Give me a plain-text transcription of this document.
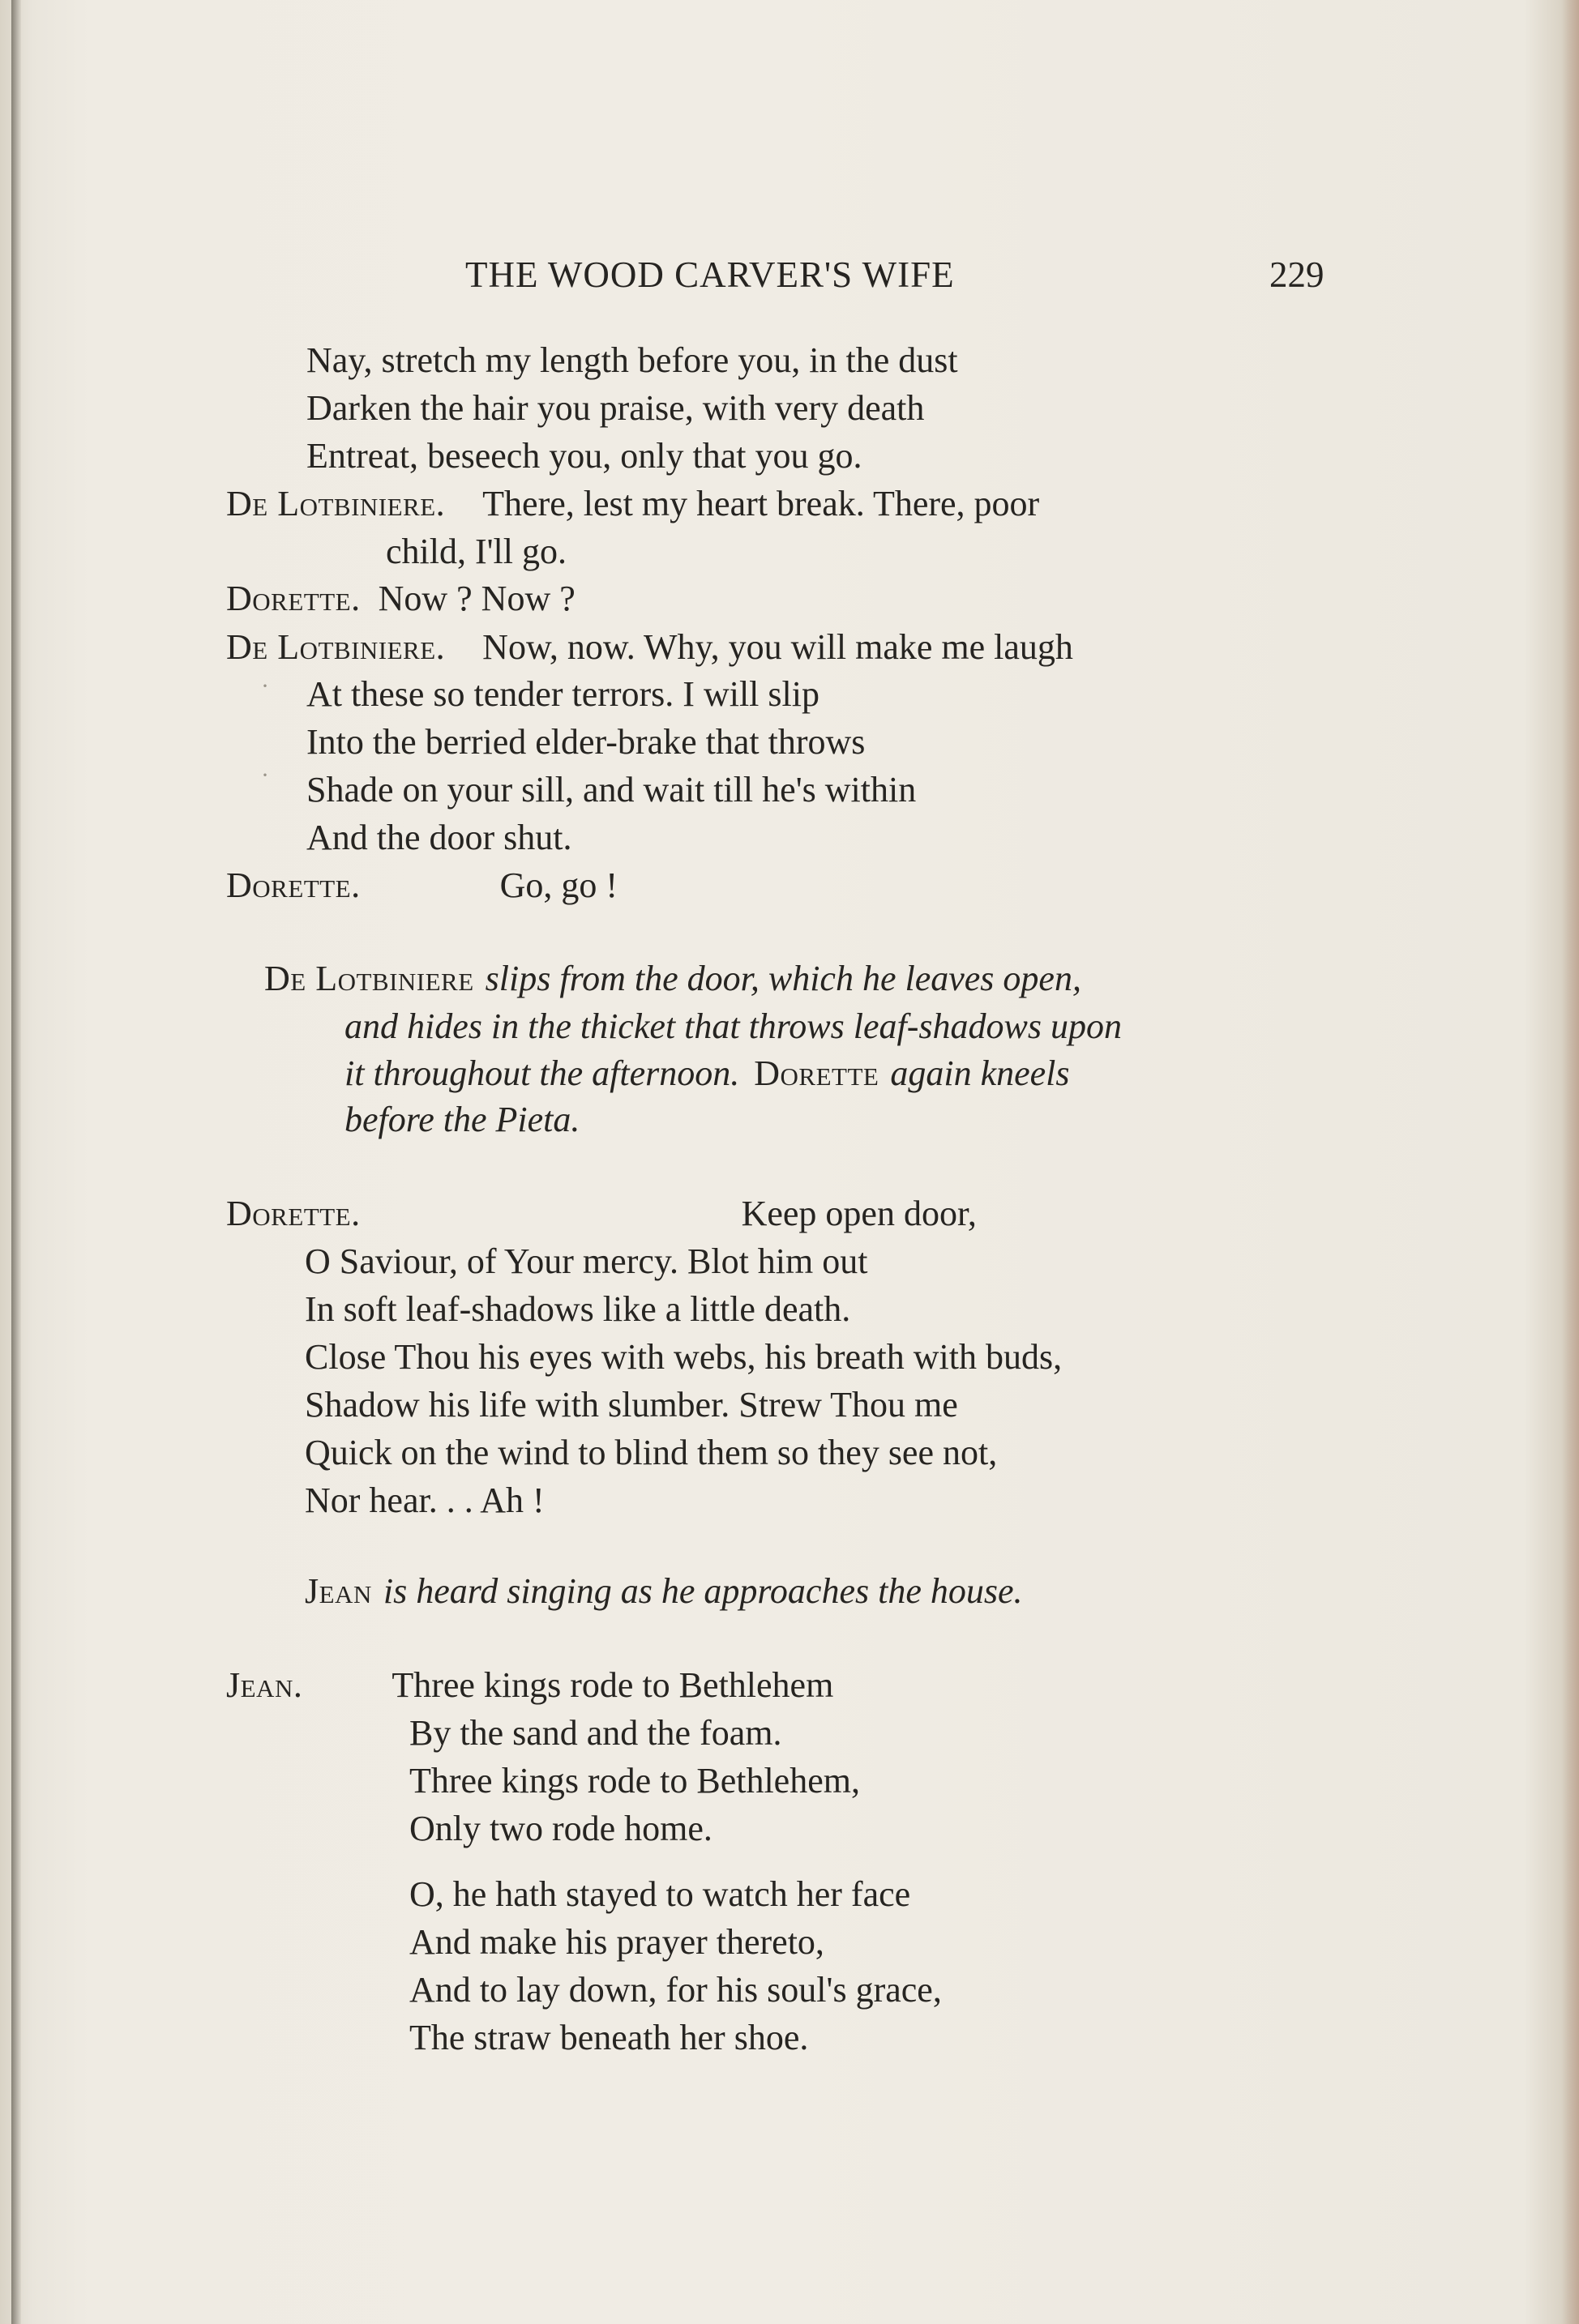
THE WOOD CARVER'S WIFE	229
Nay, stretch my length before you, in the dust
Darken the hair you praise, with very death
Entreat, beseech you, only that you go.
De Lotbiniere. There, lest my heart break. There, poor
child, I'll go.
Dorette. Now ? Now ?
De Lotbiniere. Now, now. Why, you will make me laugh
At these so tender terrors. I will slip
Into the berried elder-brake that throws
Shade on your sill, and wait till he's within
And the door shut.
·
·
Dorette.	Go, go !
De Lotbiniere slips from the door, which he leaves open,
and hides in the thicket that throws leaf-shadows upon
it throughout the afternoon. Dorette again kneels
before the Pieta.
Dorette.	Keep open door,
O Saviour, of Your mercy. Blot him out
In soft leaf-shadows like a little death.
Close Thou his eyes with webs, his breath with buds,
Shadow his life with slumber. Strew Thou me
Quick on the wind to blind them so they see not,
Nor hear. . . Ah !
Jean is heard singing as he approaches the house.
Jean.	Three kings rode to Bethlehem
By the sand and the foam.
Three kings rode to Bethlehem,
Only two rode home.
O, he hath stayed to watch her face
And make his prayer thereto,
And to lay down, for his soul's grace,
The straw beneath her shoe.
